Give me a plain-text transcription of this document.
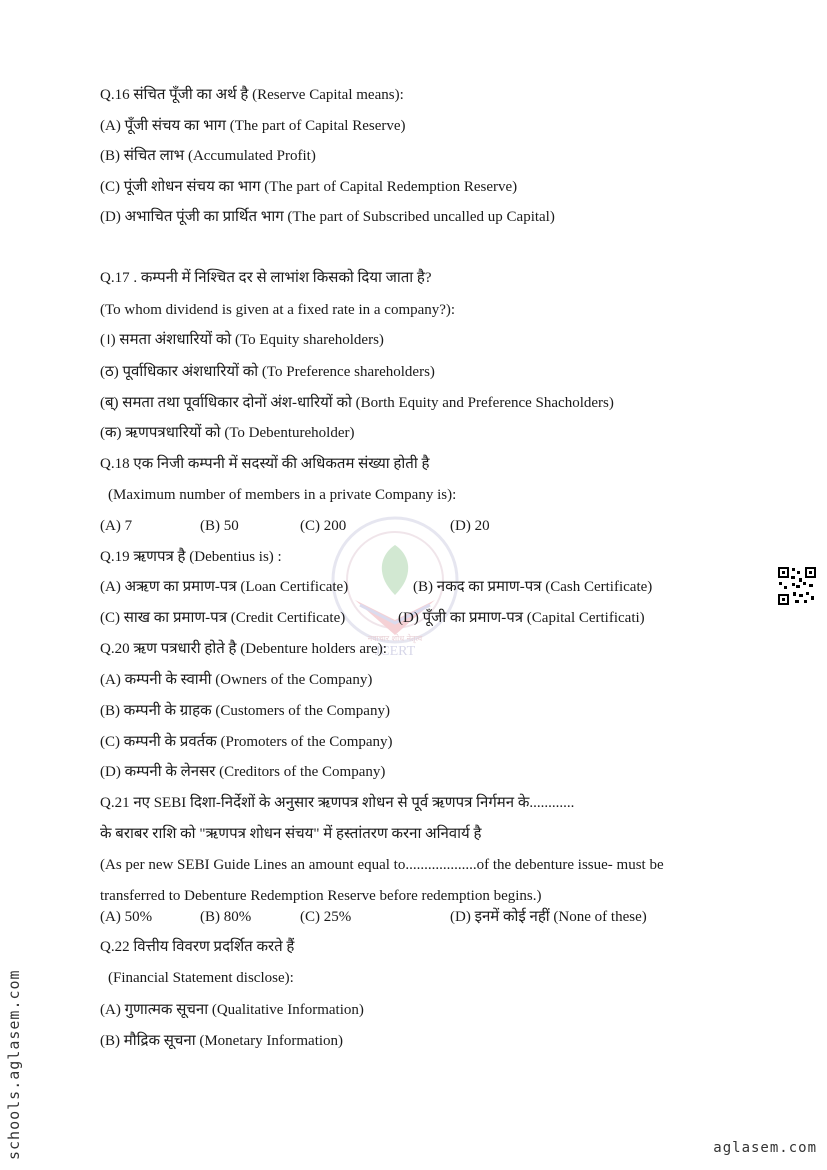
Q.16 संचित पूँजी का अर्थ है (Reserve Capital means):
(A) पूँजी संचय का भाग (The part of Capital Reserve)
(B) संचित लाभ (Accumulated Profit)
(C) पूंजी शोधन संचय का भाग (The part of Capital Redemption Reserve)
(D) अभाचित पूंजी का प्रार्थित भाग (The part of Subscribed uncalled up Capital)
Q.17 . कम्पनी में निश्चित दर से लाभांश किसको दिया जाता है?
(To whom dividend is given at a fixed rate in a company?):
(।) समता अंशधारियों को (To Equity shareholders)
(ठ) पूर्वाधिकार अंशधारियों को (To Preference shareholders)
(ब्) समता तथा पूर्वाधिकार दोनों अंश-धारियों को (Borth Equity and Preference Shacholders)
(क) ऋणपत्रधारियों को (To Debentureholder)
Q.18 एक निजी कम्पनी में सदस्यों की अधिकतम संख्या होती है
(Maximum number of members in a private Company is):
(A) 7	(B) 50	(C) 200	(D) 20
JCERT
नवाचार शोध नेतृत्व
Q.19 ऋणपत्र है (Debentius is) :
(A) अऋण का प्रमाण-पत्र (Loan Certificate)	(B) नकद का प्रमाण-पत्र (Cash Certificate)
(C) साख का प्रमाण-पत्र (Credit Certificate)	(D) पूँजी का प्रमाण-पत्र (Capital Certificati)
Q.20 ऋण पत्रधारी होते है (Debenture holders are):
(A) कम्पनी के स्वामी (Owners of the Company)
(B) कम्पनी के ग्राहक (Customers of the Company)
(C) कम्पनी के प्रवर्तक (Promoters of the Company)
(D) कम्पनी के लेनसर (Creditors of the Company)
Q.21 नए SEBI दिशा-निर्देशों के अनुसार ऋणपत्र शोधन से पूर्व ऋणपत्र निर्गमन के............
के बराबर राशि को "ऋणपत्र शोधन संचय" में हस्तांतरण करना अनिवार्य है
(As per new SEBI Guide Lines an amount equal to...................of the debenture issue- must be
transferred to Debenture Redemption Reserve before redemption begins.)
(A) 50%	(B) 80%	(C) 25%	(D) इनमें कोई नहीं (None of these)
Q.22 वित्तीय विवरण प्रदर्शित करते हैं
(Financial Statement disclose):
(A) गुणात्मक सूचना (Qualitative Information)
(B) मौद्रिक सूचना (Monetary Information)
schools.aglasem.com	aglasem.com
